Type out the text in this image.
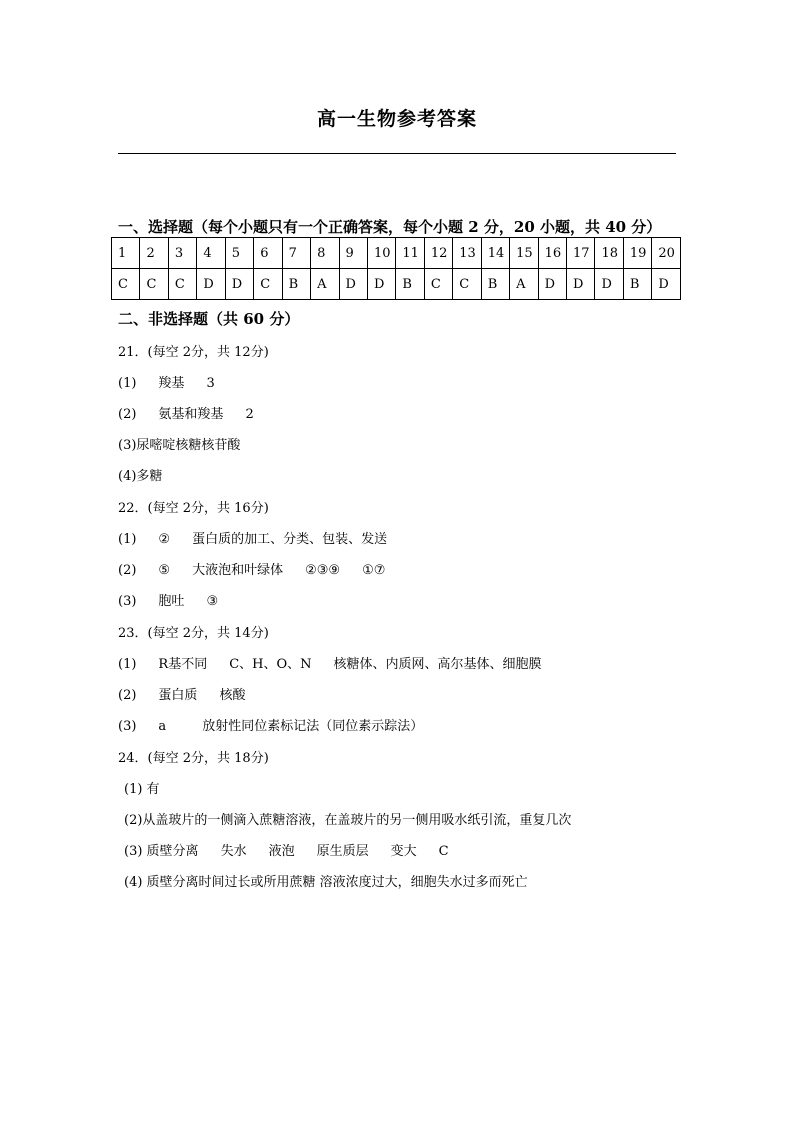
高一生物参考答案
一、选择题（每个小题只有一个正确答案，每个小题 2 分，20 小题，共 40 分）
1	2	3	4	5	6	7	8	9	10	11	12	13	14	15	16	17	18	19	20
C	C	C	D	D	C	B	A	D	D	B	C	C	B	A	D	D	D	B	D
二、非选择题（共 60 分）
21．(每空 2分，共 12分)
(1) 羧基 3
(2) 氨基和羧基 2
(3)尿嘧啶核糖核苷酸
(4)多糖
22．(每空 2分，共 16分)
(1) ② 蛋白质的加工、分类、包装、发送
(2) ⑤ 大液泡和叶绿体 ②③⑨ ①⑦
(3) 胞吐 ③
23．(每空 2分，共 14分)
(1) R基不同 C、H、O、N 核糖体、内质网、高尔基体、细胞膜
(2) 蛋白质 核酸
(3) a	放射性同位素标记法（同位素示踪法）
24．(每空 2分，共 18分)
(1) 有
(2)从盖玻片的一侧滴入蔗糖溶液，在盖玻片的另一侧用吸水纸引流，重复几次
(3) 质壁分离 失水 液泡 原生质层 变大 C
(4) 质壁分离时间过长或所用蔗糖 溶液浓度过大，细胞失水过多而死亡
